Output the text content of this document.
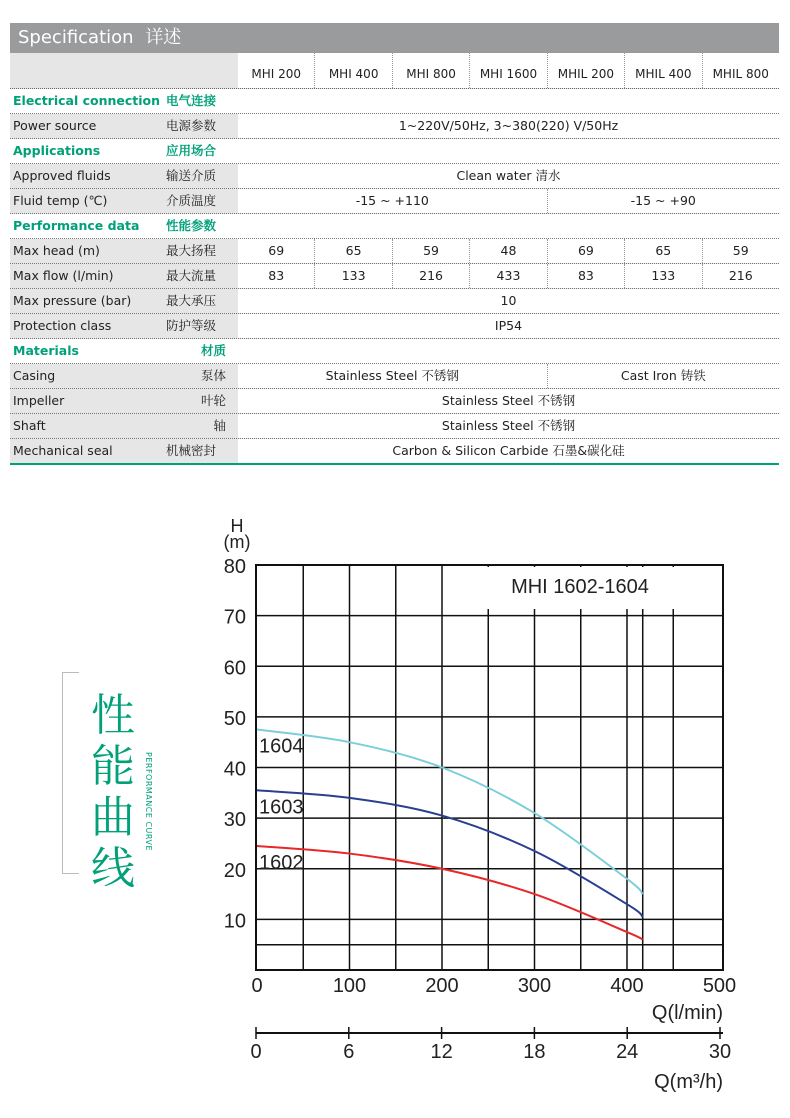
Specification 详述
MHI 200	MHI 400	MHI 800	MHI 1600	MHIL 200	MHIL 400	MHIL 800
Electrical connection 电气连接
Power source	电源参数	1~220V/50Hz, 3~380(220) V/50Hz
Applications	应用场合
Approved fluids	输送介质	Clean water 清水
Fluid temp (℃)	介质温度	-15 ~ +110	-15 ~ +90
Performance data 性能参数
Max head (m)	最大扬程	69	65	59	48	69	65	59
Max flow (l/min)	最大流量	83	133	216	433	83	133	216
Max pressure (bar)	最大承压	10
Protection class	防护等级	IP54
Materials	材质
Casing	泵体	Stainless Steel 不锈钢	Cast Iron 铸铁
Impeller	叶轮	Stainless Steel 不锈钢
Shaft	轴	Stainless Steel 不锈钢
Mechanical seal	机械密封	Carbon & Silicon Carbide 石墨&碳化硅
性能曲线
PERFORMANCE CURVE
MHI 1602-1604
10
20
30
40
50
60
70
80
H
(m)
0	100	200	300	400	500
Q(l/min)
0	6	12	18	24	30
Q(m³/h)
1604
1603
1602
